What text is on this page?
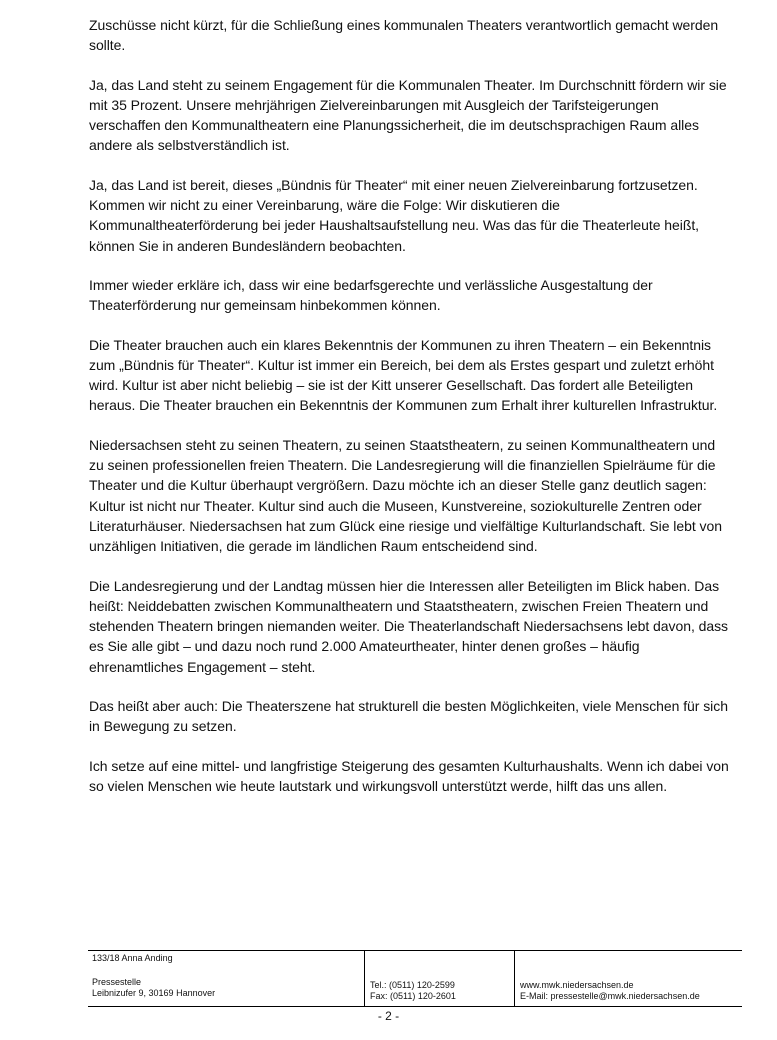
Zuschüsse nicht kürzt, für die Schließung eines kommunalen Theaters verantwortlich gemacht werden sollte.

Ja, das Land steht zu seinem Engagement für die Kommunalen Theater. Im Durchschnitt fördern wir sie mit 35 Prozent. Unsere mehrjährigen Zielvereinbarungen mit Ausgleich der Tarifsteigerungen verschaffen den Kommunaltheatern eine Planungssicherheit, die im deutschsprachigen Raum alles andere als selbstverständlich ist.

Ja, das Land ist bereit, dieses „Bündnis für Theater“ mit einer neuen Zielvereinbarung fortzusetzen. Kommen wir nicht zu einer Vereinbarung, wäre die Folge: Wir diskutieren die Kommunaltheaterförderung bei jeder Haushaltsaufstellung neu. Was das für die Theaterleute heißt, können Sie in anderen Bundesländern beobachten.

Immer wieder erkläre ich, dass wir eine bedarfsgerechte und verlässliche Ausgestaltung der Theaterförderung nur gemeinsam hinbekommen können.

Die Theater brauchen auch ein klares Bekenntnis der Kommunen zu ihren Theatern – ein Bekenntnis zum „Bündnis für Theater“. Kultur ist immer ein Bereich, bei dem als Erstes gespart und zuletzt erhöht wird. Kultur ist aber nicht beliebig – sie ist der Kitt unserer Gesellschaft. Das fordert alle Beteiligten heraus. Die Theater brauchen ein Bekenntnis der Kommunen zum Erhalt ihrer kulturellen Infrastruktur.

Niedersachsen steht zu seinen Theatern, zu seinen Staatstheatern, zu seinen Kommunaltheatern und zu seinen professionellen freien Theatern. Die Landesregierung will die finanziellen Spielräume für die Theater und die Kultur überhaupt vergrößern. Dazu möchte ich an dieser Stelle ganz deutlich sagen: Kultur ist nicht nur Theater. Kultur sind auch die Museen, Kunstvereine, soziokulturelle Zentren oder Literaturhäuser. Niedersachsen hat zum Glück eine riesige und vielfältige Kulturlandschaft. Sie lebt von unzähligen Initiativen, die gerade im ländlichen Raum entscheidend sind.

Die Landesregierung und der Landtag müssen hier die Interessen aller Beteiligten im Blick haben. Das heißt: Neiddebatten zwischen Kommunaltheatern und Staatstheatern, zwischen Freien Theatern und stehenden Theatern bringen niemanden weiter. Die Theaterlandschaft Niedersachsens lebt davon, dass es Sie alle gibt – und dazu noch rund 2.000 Amateurtheater, hinter denen großes – häufig ehrenamtliches Engagement – steht.

Das heißt aber auch: Die Theaterszene hat strukturell die besten Möglichkeiten, viele Menschen für sich in Bewegung zu setzen.

Ich setze auf eine mittel- und langfristige Steigerung des gesamten Kulturhaushalts. Wenn ich dabei von so vielen Menschen wie heute lautstark und wirkungsvoll unterstützt werde, hilft das uns allen.

133/18 Anna Anding
Pressestelle
Leibnizufer 9, 30169 Hannover
Tel.: (0511) 120-2599
Fax: (0511) 120-2601
www.mwk.niedersachsen.de
E-Mail: pressestelle@mwk.niedersachsen.de
- 2 -
